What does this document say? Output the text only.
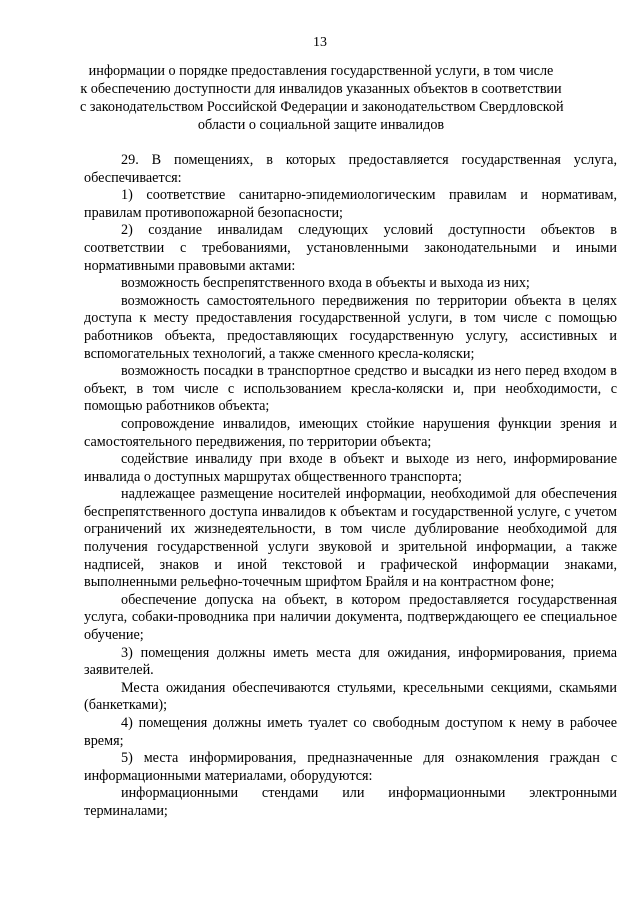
13
информации о порядке предоставления государственной услуги, в том числе
к обеспечению доступности для инвалидов указанных объектов в соответствии
с законодательством Российской Федерации и законодательством Свердловской
области о социальной защите инвалидов

29. В помещениях, в которых предоставляется государственная услуга, обеспечивается:

1) соответствие санитарно-эпидемиологическим правилам и нормативам, правилам противопожарной безопасности;

2) создание инвалидам следующих условий доступности объектов в соответствии с требованиями, установленными законодательными и иными нормативными правовыми актами:

возможность беспрепятственного входа в объекты и выхода из них;

возможность самостоятельного передвижения по территории объекта в целях доступа к месту предоставления государственной услуги, в том числе с помощью работников объекта, предоставляющих государственную услугу, ассистивных и вспомогательных технологий, а также сменного кресла-коляски;

возможность посадки в транспортное средство и высадки из него перед входом в объект, в том числе с использованием кресла-коляски и, при необходимости, с помощью работников объекта;

сопровождение инвалидов, имеющих стойкие нарушения функции зрения и самостоятельного передвижения, по территории объекта;

содействие инвалиду при входе в объект и выходе из него, информирование инвалида о доступных маршрутах общественного транспорта;

надлежащее размещение носителей информации, необходимой для обеспечения беспрепятственного доступа инвалидов к объектам и государственной услуге, с учетом ограничений их жизнедеятельности, в том числе дублирование необходимой для получения государственной услуги звуковой и зрительной информации, а также надписей, знаков и иной текстовой и графической информации знаками, выполненными рельефно-точечным шрифтом Брайля и на контрастном фоне;

обеспечение допуска на объект, в котором предоставляется государственная услуга, собаки-проводника при наличии документа, подтверждающего ее специальное обучение;

3) помещения должны иметь места для ожидания, информирования, приема заявителей.

Места ожидания обеспечиваются стульями, кресельными секциями, скамьями (банкетками);

4) помещения должны иметь туалет со свободным доступом к нему в рабочее время;

5) места информирования, предназначенные для ознакомления граждан с информационными материалами, оборудуются:

информационными стендами или информационными электронными терминалами;
